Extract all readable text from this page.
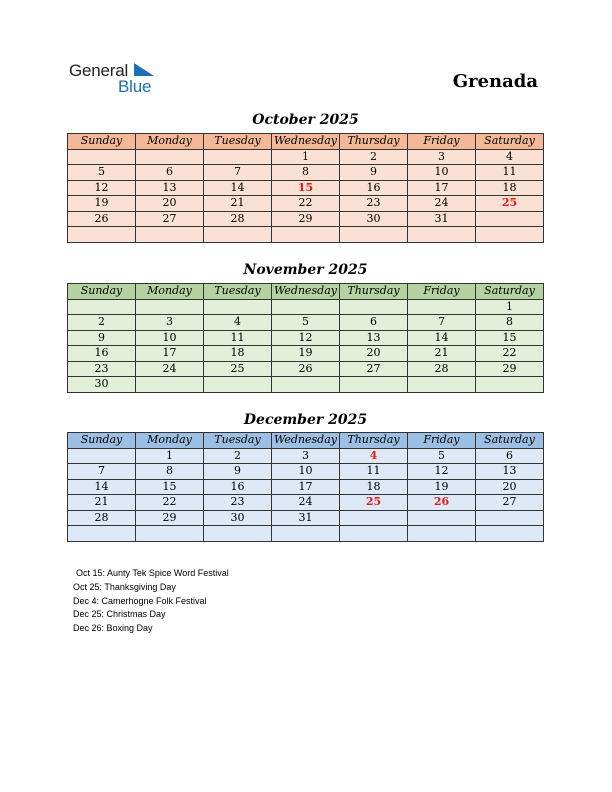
General
Blue	Grenada
October 2025
Sunday	Monday	Tuesday	Wednesday	Thursday	Friday	Saturday
			1	2	3	4
5	6	7	8	9	10	11
12	13	14	15	16	17	18
19	20	21	22	23	24	25
26	27	28	29	30	31	

November 2025
Sunday	Monday	Tuesday	Wednesday	Thursday	Friday	Saturday
						1
2	3	4	5	6	7	8
9	10	11	12	13	14	15
16	17	18	19	20	21	22
23	24	25	26	27	28	29
30						
December 2025
Sunday	Monday	Tuesday	Wednesday	Thursday	Friday	Saturday
	1	2	3	4	5	6
7	8	9	10	11	12	13
14	15	16	17	18	19	20
21	22	23	24	25	26	27
28	29	30	31			

Oct 15: Aunty Tek Spice Word Festival
Oct 25: Thanksgiving Day
Dec 4: Camerhogne Folk Festival
Dec 25: Christmas Day
Dec 26: Boxing Day
